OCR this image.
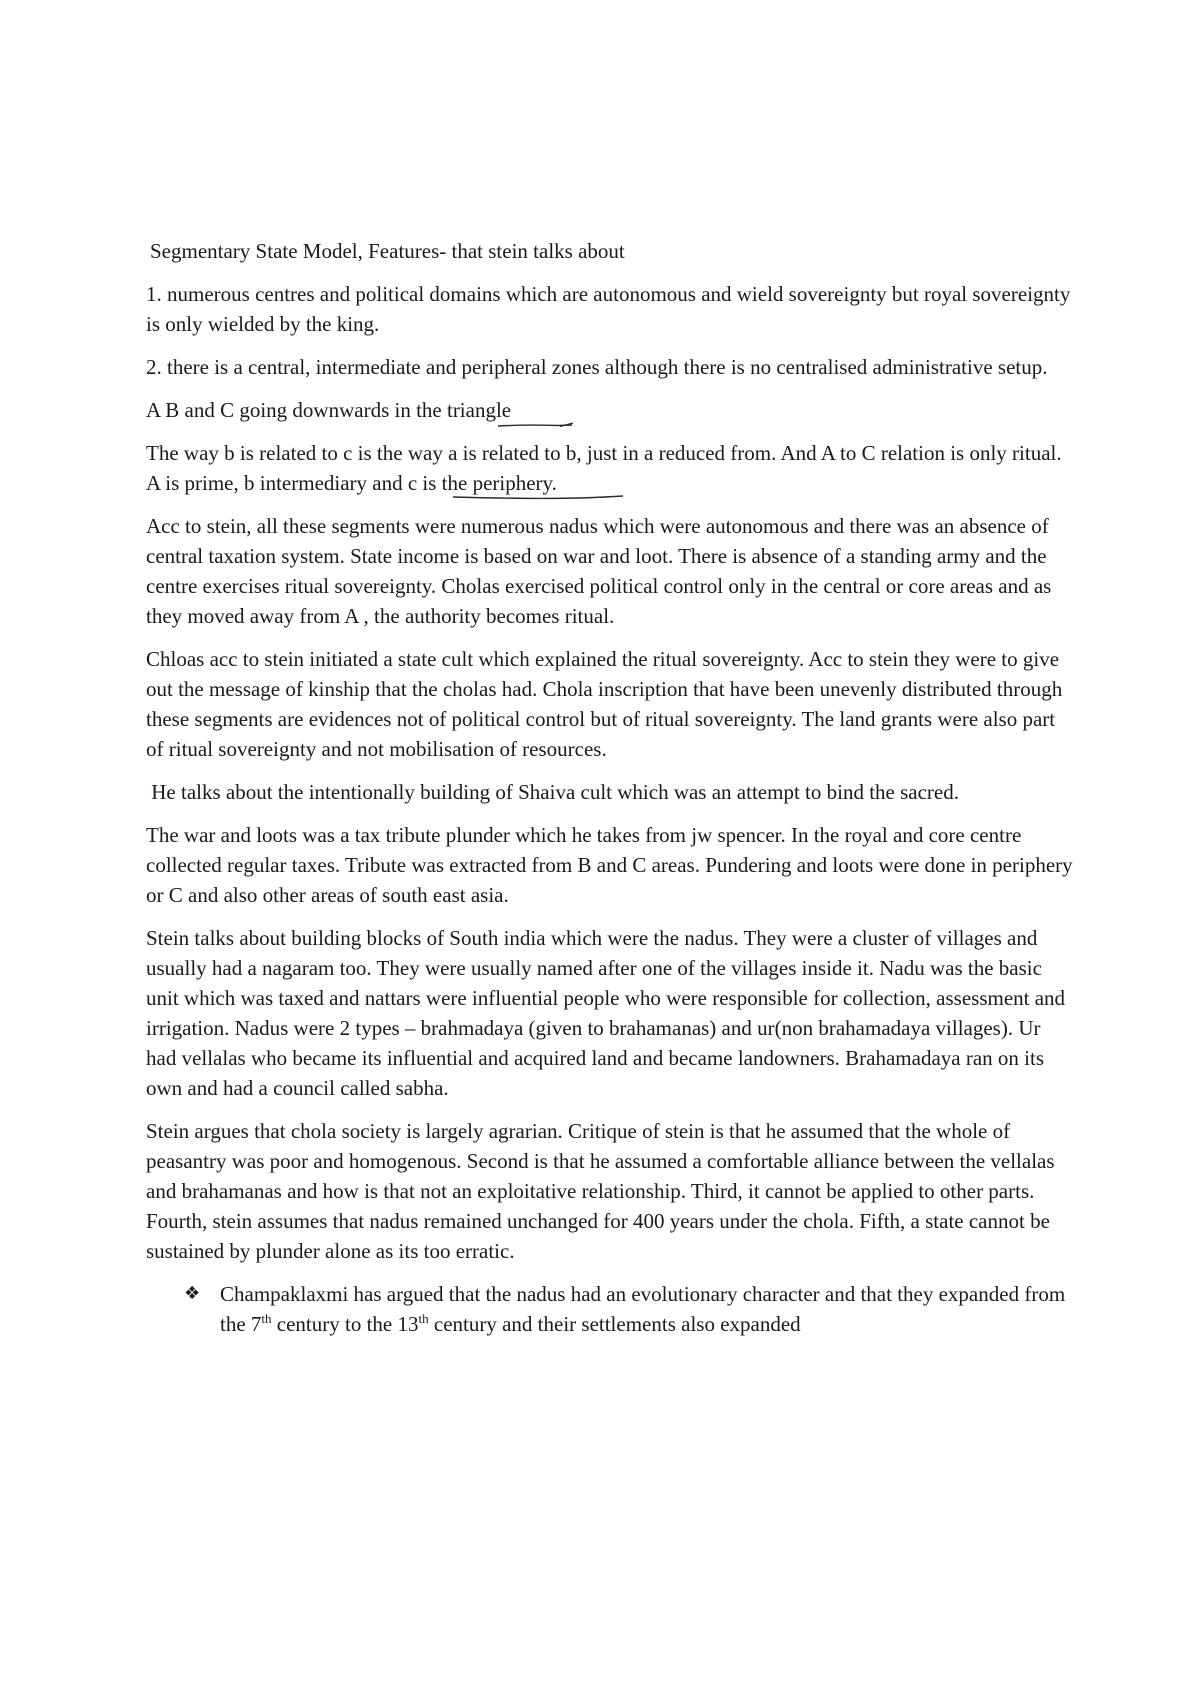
Segmentary State Model, Features- that stein talks about

1. numerous centres and political domains which are autonomous and wield sovereignty but royal sovereignty is only wielded by the king.

2. there is a central, intermediate and peripheral zones although there is no centralised administrative setup.

A B and C going downwards in the triangle

The way b is related to c is the way a is related to b, just in a reduced from. And A to C relation is only ritual. A is prime, b intermediary and c is the periphery.

Acc to stein, all these segments were numerous nadus which were autonomous and there was an absence of central taxation system. State income is based on war and loot. There is absence of a standing army and the centre exercises ritual sovereignty. Cholas exercised political control only in the central or core areas and as they moved away from A , the authority becomes ritual.

Chloas acc to stein initiated a state cult which explained the ritual sovereignty. Acc to stein they were to give out the message of kinship that the cholas had. Chola inscription that have been unevenly distributed through these segments are evidences not of political control but of ritual sovereignty. The land grants were also part of ritual sovereignty and not mobilisation of resources.

He talks about the intentionally building of Shaiva cult which was an attempt to bind the sacred.

The war and loots was a tax tribute plunder which he takes from jw spencer. In the royal and core centre collected regular taxes. Tribute was extracted from B and C areas. Pundering and loots were done in periphery or C and also other areas of south east asia.

Stein talks about building blocks of South india which were the nadus. They were a cluster of villages and usually had a nagaram too. They were usually named after one of the villages inside it. Nadu was the basic unit which was taxed and nattars were influential people who were responsible for collection, assessment and irrigation. Nadus were 2 types – brahmadaya (given to brahamanas) and ur(non brahamadaya villages). Ur had vellalas who became its influential and acquired land and became landowners. Brahamadaya ran on its own and had a council called sabha.

Stein argues that chola society is largely agrarian. Critique of stein is that he assumed that the whole of peasantry was poor and homogenous. Second is that he assumed a comfortable alliance between the vellalas and brahamanas and how is that not an exploitative relationship. Third, it cannot be applied to other parts. Fourth, stein assumes that nadus remained unchanged for 400 years under the chola. Fifth, a state cannot be sustained by plunder alone as its too erratic.

❖ Champaklaxmi has argued that the nadus had an evolutionary character and that they expanded from the 7th century to the 13th century and their settlements also expanded
